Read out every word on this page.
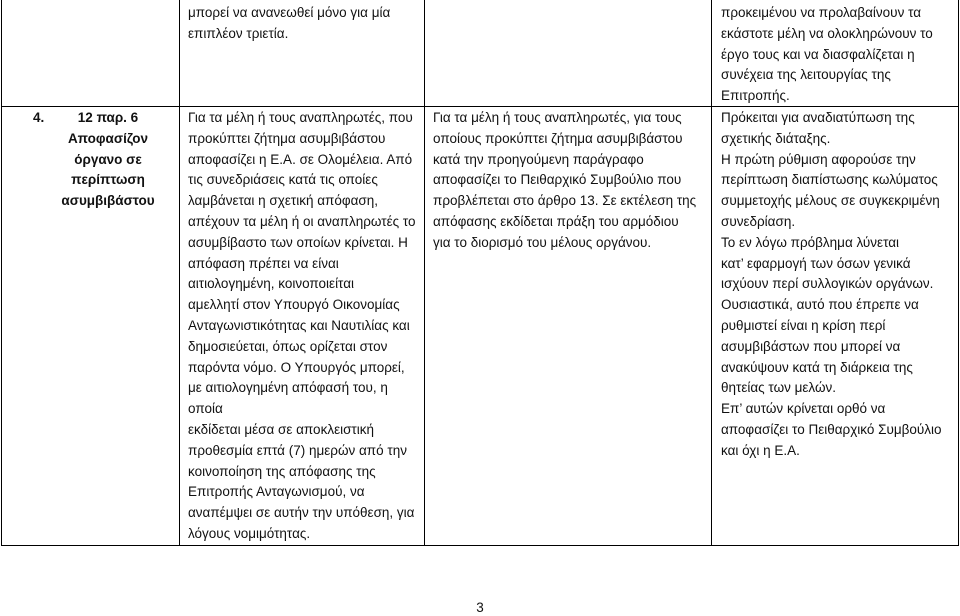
μπορεί να ανανεωθεί μόνο για μία
επιπλέον τριετία.
προκειμένου να προλαβαίνουν τα
εκάστοτε μέλη να ολοκληρώνουν το
έργο τους και να διασφαλίζεται η
συνέχεια της λειτουργίας της
Επιτροπής.
4.	12 παρ. 6
Αποφασίζον
όργανο σε
περίπτωση
ασυμβιβάστου
Για τα μέλη ή τους αναπληρωτές, που
προκύπτει ζήτημα ασυμβιβάστου
αποφασίζει η Ε.Α. σε Ολομέλεια. Από
τις συνεδριάσεις κατά τις οποίες
λαμβάνεται η σχετική απόφαση,
απέχουν τα μέλη ή οι αναπληρωτές το
ασυμβίβαστο των οποίων κρίνεται. Η
απόφαση πρέπει να είναι
αιτιολογημένη, κοινοποιείται
αμελλητί στον Υπουργό Οικονομίας
Ανταγωνιστικότητας και Ναυτιλίας και
δημοσιεύεται, όπως ορίζεται στον
παρόντα νόμο. Ο Υπουργός μπορεί,
με αιτιολογημένη απόφασή του, η
οποία
εκδίδεται μέσα σε αποκλειστική
προθεσμία επτά (7) ημερών από την
κοινοποίηση της απόφασης της
Επιτροπής Ανταγωνισμού, να
αναπέμψει σε αυτήν την υπόθεση, για
λόγους νομιμότητας.
Για τα μέλη ή τους αναπληρωτές, για τους
οποίους προκύπτει ζήτημα ασυμβιβάστου
κατά την προηγούμενη παράγραφο
αποφασίζει το Πειθαρχικό Συμβούλιο που
προβλέπεται στο άρθρο 13. Σε εκτέλεση της
απόφασης εκδίδεται πράξη του αρμόδιου
για το διορισμό του μέλους οργάνου.
Πρόκειται για αναδιατύπωση της
σχετικής διάταξης.
Η πρώτη ρύθμιση αφορούσε την
περίπτωση διαπίστωσης κωλύματος
συμμετοχής μέλους σε συγκεκριμένη
συνεδρίαση.
Το εν λόγω πρόβλημα λύνεται
κατ’ εφαρμογή των όσων γενικά
ισχύουν περί συλλογικών οργάνων.
Ουσιαστικά, αυτό που έπρεπε να
ρυθμιστεί είναι η κρίση περί
ασυμβιβάστων που μπορεί να
ανακύψουν κατά τη διάρκεια της
θητείας των μελών.
Επ’ αυτών κρίνεται ορθό να
αποφασίζει το Πειθαρχικό Συμβούλιο
και όχι η Ε.Α.
3
